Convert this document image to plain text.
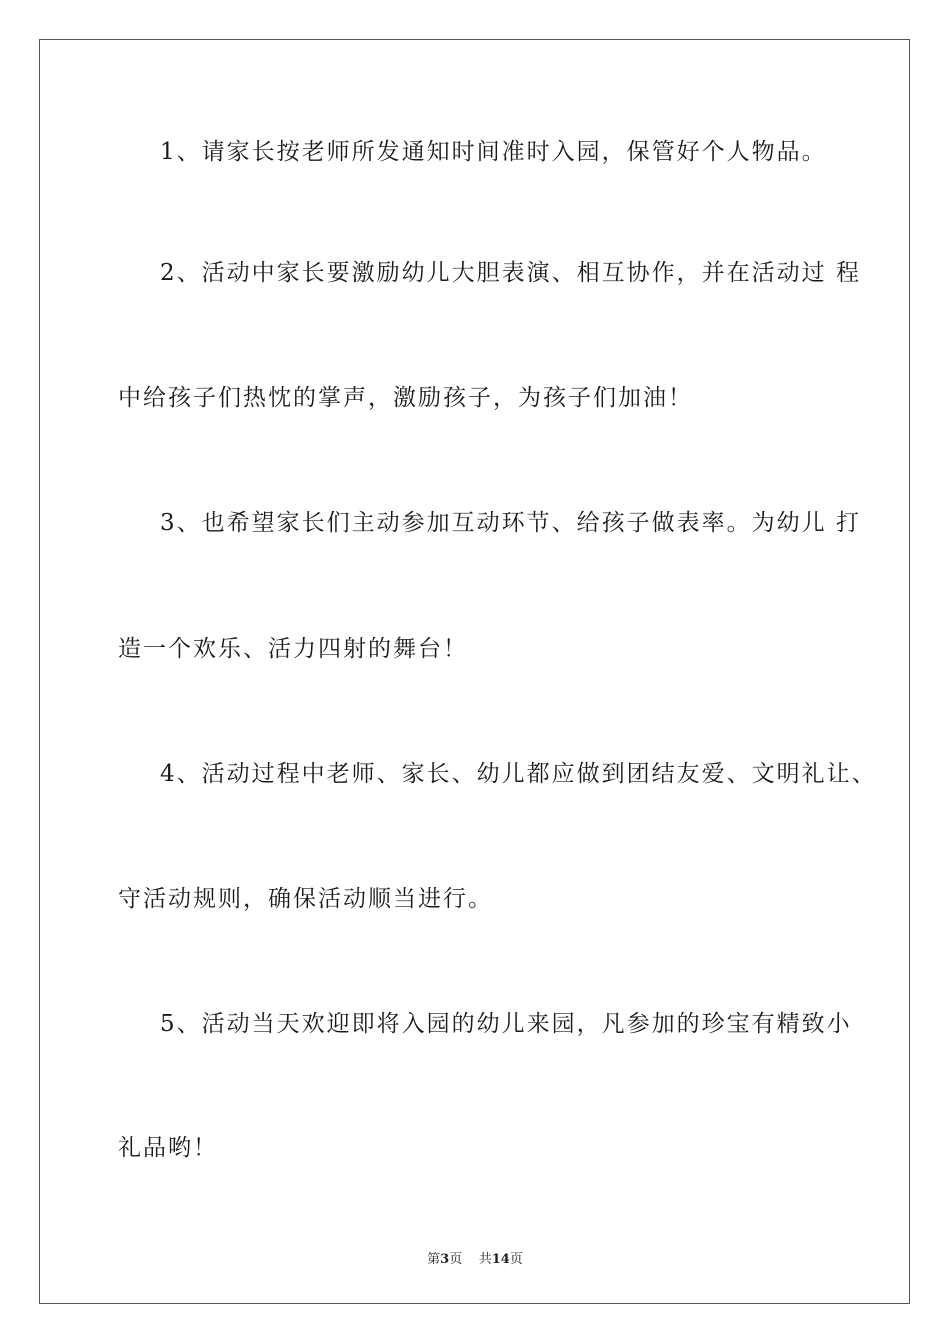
1、请家长按老师所发通知时间准时入园，保管好个人物品。
2、活动中家长要激励幼儿大胆表演、相互协作，并在活动过 程
中给孩子们热忱的掌声，激励孩子，为孩子们加油！
3、也希望家长们主动参加互动环节、给孩子做表率。为幼儿 打
造一个欢乐、活力四射的舞台！
4、活动过程中老师、家长、幼儿都应做到团结友爱、文明礼让、
守活动规则，确保活动顺当进行。
5、活动当天欢迎即将入园的幼儿来园，凡参加的珍宝有精致小
礼品哟！
第3页 共14页
